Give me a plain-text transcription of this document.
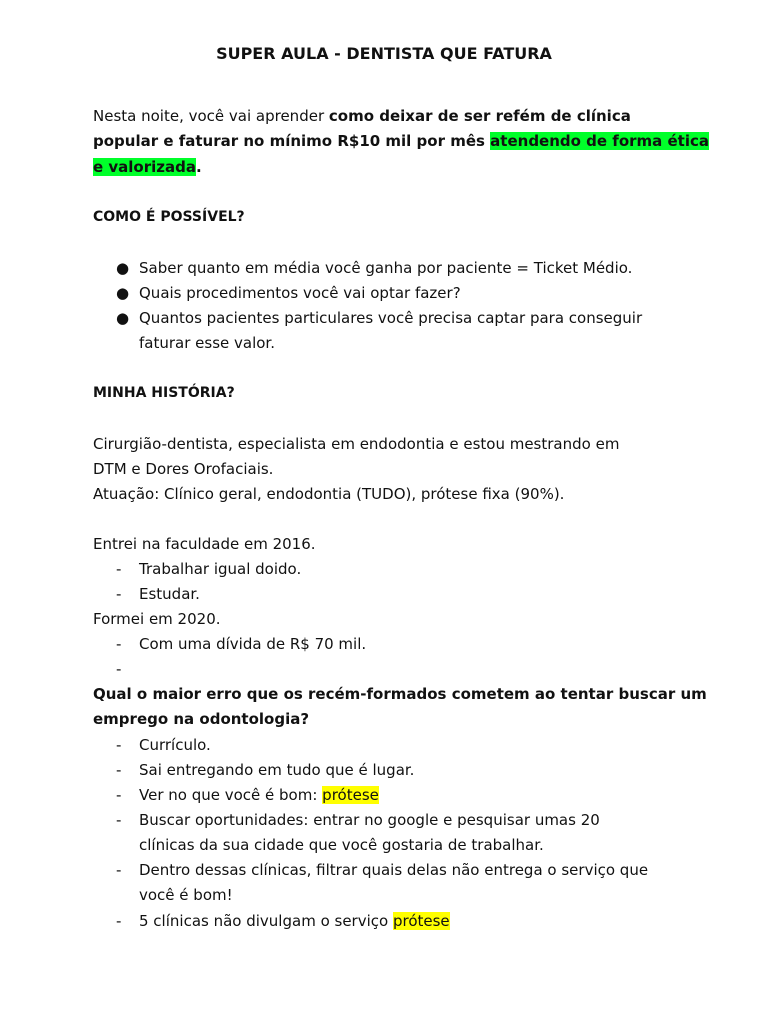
SUPER AULA - DENTISTA QUE FATURA
Nesta noite, você vai aprender como deixar de ser refém de clínica
popular e faturar no mínimo R$10 mil por mês atendendo de forma ética
e valorizada.
COMO É POSSÍVEL?
● Saber quanto em média você ganha por paciente = Ticket Médio.
● Quais procedimentos você vai optar fazer?
● Quantos pacientes particulares você precisa captar para conseguir
faturar esse valor.
MINHA HISTÓRIA?
Cirurgião-dentista, especialista em endodontia e estou mestrando em
DTM e Dores Orofaciais.
Atuação: Clínico geral, endodontia (TUDO), prótese fixa (90%).
Entrei na faculdade em 2016.
- Trabalhar igual doido.
- Estudar.
Formei em 2020.
- Com uma dívida de R$ 70 mil.
-
Qual o maior erro que os recém-formados cometem ao tentar buscar um
emprego na odontologia?
- Currículo.
- Sai entregando em tudo que é lugar.
- Ver no que você é bom: prótese
- Buscar oportunidades: entrar no google e pesquisar umas 20
clínicas da sua cidade que você gostaria de trabalhar.
- Dentro dessas clínicas, filtrar quais delas não entrega o serviço que
você é bom!
- 5 clínicas não divulgam o serviço prótese
